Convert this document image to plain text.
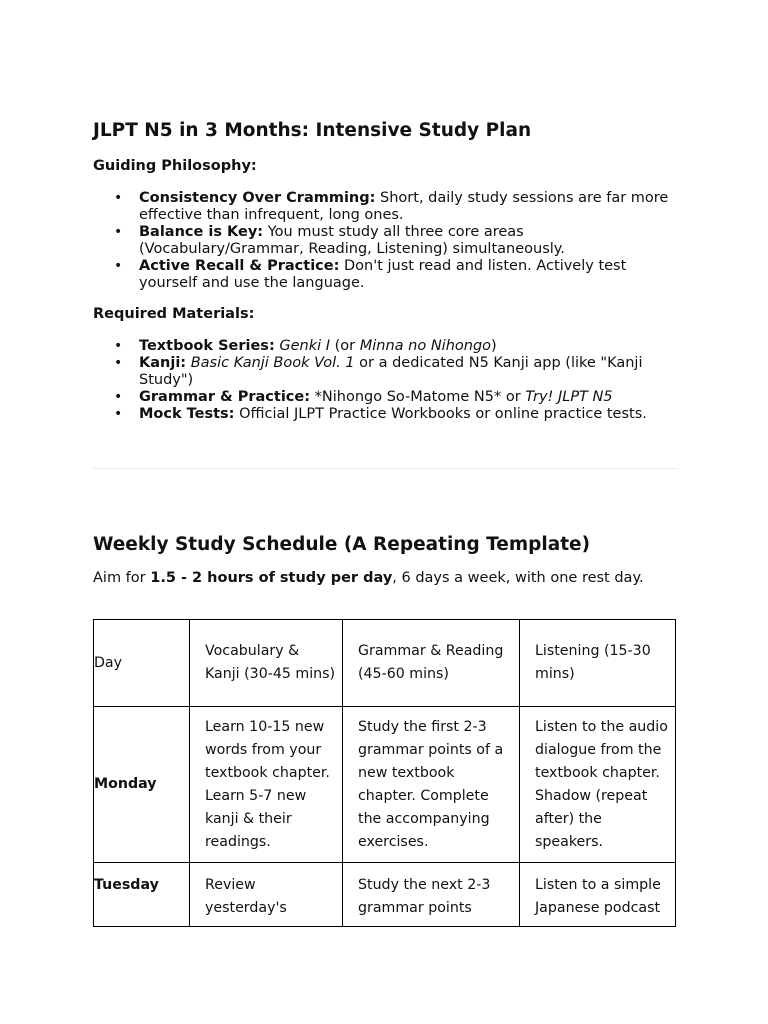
JLPT N5 in 3 Months: Intensive Study Plan

Guiding Philosophy:

• Consistency Over Cramming: Short, daily study sessions are far more effective than infrequent, long ones.
• Balance is Key: You must study all three core areas (Vocabulary/Grammar, Reading, Listening) simultaneously.
• Active Recall & Practice: Don't just read and listen. Actively test yourself and use the language.

Required Materials:

• Textbook Series: Genki I (or Minna no Nihongo)
• Kanji: Basic Kanji Book Vol. 1 or a dedicated N5 Kanji app (like "Kanji Study")
• Grammar & Practice: *Nihongo So-Matome N5* or Try! JLPT N5
• Mock Tests: Official JLPT Practice Workbooks or online practice tests.
Weekly Study Schedule (A Repeating Template)

Aim for 1.5 - 2 hours of study per day, 6 days a week, with one rest day.

Day	Vocabulary & Kanji (30-45 mins)	Grammar & Reading (45-60 mins)	Listening (15-30 mins)

Monday	Learn 10-15 new words from your textbook chapter. Learn 5-7 new kanji & their readings.	Study the first 2-3 grammar points of a new textbook chapter. Complete the accompanying exercises.	Listen to the audio dialogue from the textbook chapter. Shadow (repeat after) the speakers.

Tuesday	Review yesterday's	Study the next 2-3 grammar points	Listen to a simple Japanese podcast
